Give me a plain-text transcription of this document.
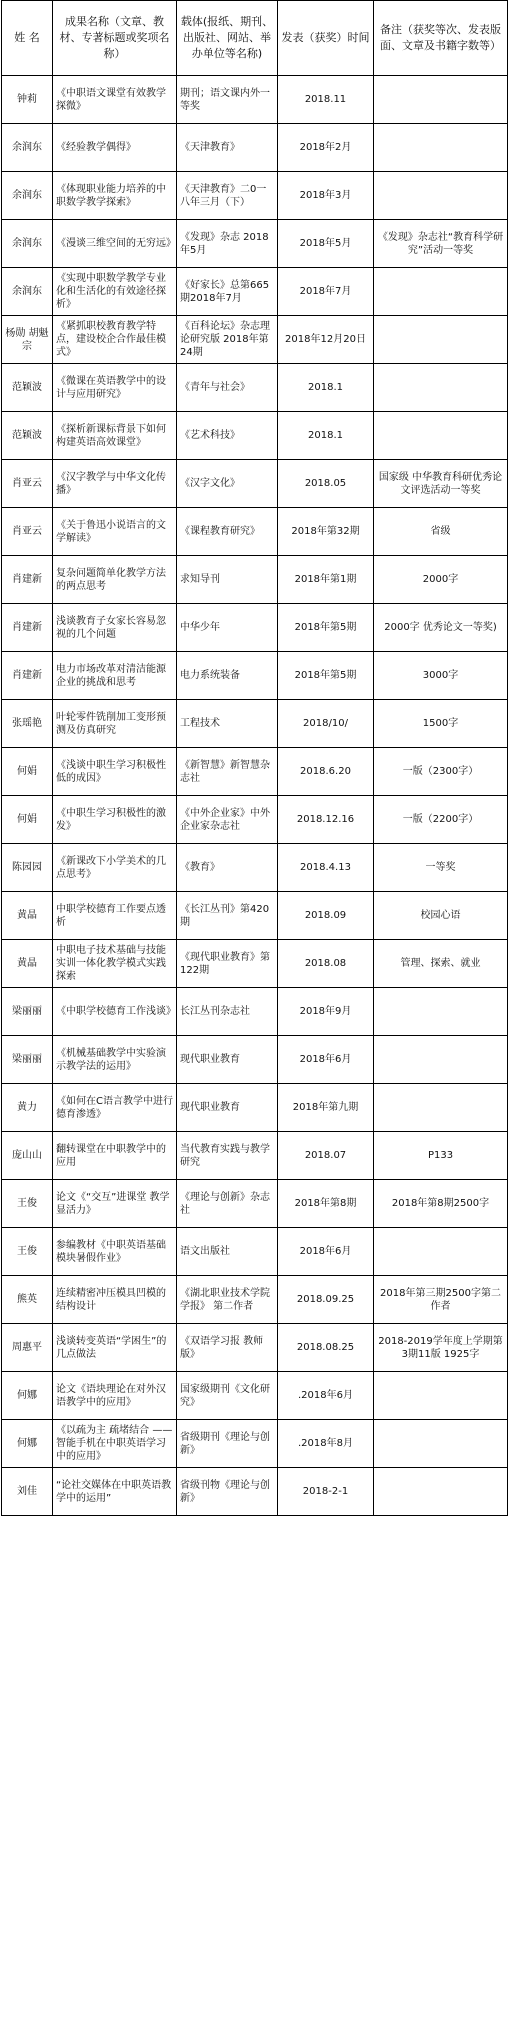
姓 名	成果名称（文章、教材、专著标题或奖项名称）	载体(报纸、期刊、出版社、网站、举办单位等名称)	发表（获奖）时间	备注（获奖等次、发表版面、文章及书籍字数等）
钟莉	《中职语文课堂有效教学探微》	期刊；语文课内外一等奖	2018.11	
余润东	《经验教学偶得》	《天津教育》	2018年2月	
余润东	《体现职业能力培养的中职数学教学探索》	《天津教育》二0一八年三月（下）	2018年3月	
余润东	《漫谈三维空间的无穷远》	《发现》杂志 2018年5月	2018年5月	《发现》杂志社“教育科学研究”活动一等奖
余润东	《实现中职数学教学专业化和生活化的有效途径探析》	《好家长》总第665期2018年7月	2018年7月	
杨勋 胡魁宗	《紧抓职校教育教学特点，建设校企合作最佳模式》	《百科论坛》杂志理论研究版 2018年第24期	2018年12月20日	
范颖波	《微课在英语教学中的设计与应用研究》	《青年与社会》	2018.1	
范颖波	《探析新课标背景下如何构建英语高效课堂》	《艺术科技》	2018.1	
肖亚云	《汉字教学与中华文化传播》	《汉字文化》	2018.05	国家级 中华教育科研优秀论文评选活动一等奖
肖亚云	《关于鲁迅小说语言的文学解读》	《课程教育研究》	2018年第32期	省级
肖建新	复杂问题简单化教学方法的两点思考	求知导刊	2018年第1期	2000字
肖建新	浅谈教育子女家长容易忽视的几个问题	中华少年	2018年第5期	2000字 优秀论文一等奖)
肖建新	电力市场改革对清洁能源企业的挑战和思考	电力系统装备	2018年第5期	3000字
张瑶艳	叶轮零件铣削加工变形预测及仿真研究	工程技术	2018/10/	1500字
何娟	《浅谈中职生学习积极性低的成因》	《新智慧》新智慧杂志社	2018.6.20	一版（2300字）
何娟	《中职生学习积极性的激发》	《中外企业家》中外企业家杂志社	2018.12.16	一版（2200字）
陈园园	《新课改下小学美术的几点思考》	《教育》	2018.4.13	一等奖
黄晶	中职学校德育工作要点透析	《长江丛刊》第420期	2018.09	校园心语
黄晶	中职电子技术基础与技能实训一体化教学模式实践探索	《现代职业教育》第122期	2018.08	管理、探索、就业
梁丽丽	《中职学校德育工作浅谈》	长江丛刊杂志社	2018年9月	
梁丽丽	《机械基础教学中实验演示教学法的运用》	现代职业教育	2018年6月	
黄力	《如何在C语言教学中进行德育渗透》	现代职业教育	2018年第九期	
庞山山	翻转课堂在中职教学中的应用	当代教育实践与教学研究	2018.07	P133
王俊	论文《“交互”进课堂 教学显活力》	《理论与创新》杂志社	2018年第8期	2018年第8期2500字
王俊	参编教材《中职英语基础模块暑假作业》	语文出版社	2018年6月	
熊英	连续精密冲压模具凹模的结构设计	《湖北职业技术学院学报》 第二作者	2018.09.25	2018年第三期2500字第二作者
周惠平	浅谈转变英语“学困生”的几点做法	《双语学习报 教师版》	2018.08.25	2018-2019学年度上学期第3期11版 1925字
何娜	论文《语块理论在对外汉语教学中的应用》	国家级期刊《文化研究》	.2018年6月	
何娜	《以疏为主 疏堵结合 ——智能手机在中职英语学习中的应用》	省级期刊《理论与创新》	.2018年8月	
刘佳	“论社交媒体在中职英语教学中的运用”	省级刊物《理论与创新》	2018-2-1	
